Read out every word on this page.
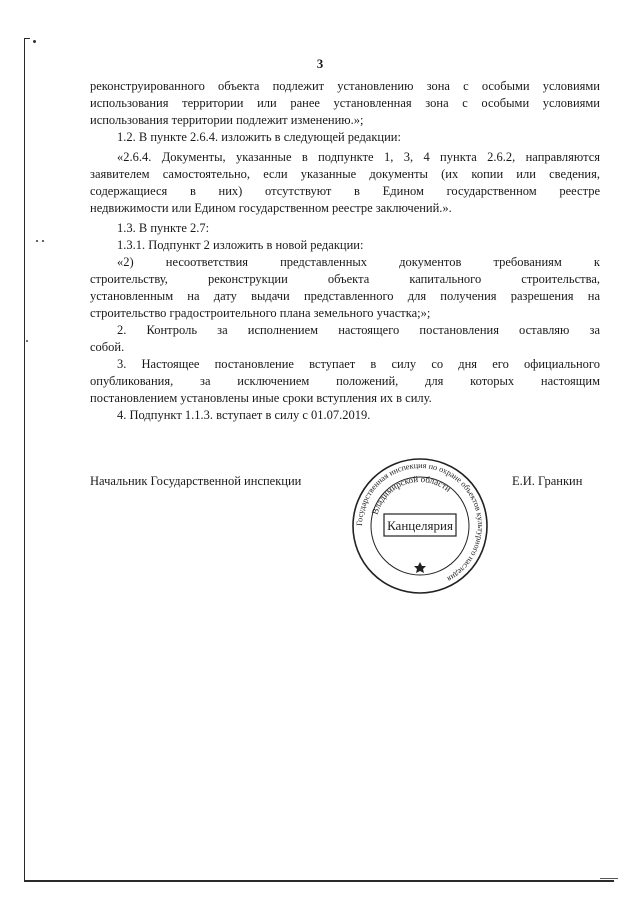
3
реконструированного объекта подлежит установлению зона с особыми условиями
использования территории или ранее установленная зона с особыми условиями
использования территории подлежит изменению.»;
1.2. В пункте 2.6.4. изложить в следующей редакции:
«2.6.4. Документы, указанные в подпункте 1, 3, 4 пункта 2.6.2, направляются
заявителем самостоятельно, если указанные документы (их копии или сведения,
содержащиеся в них) отсутствуют в Едином государственном реестре
недвижимости или Едином государственном реестре заключений.».
1.3. В пункте 2.7:
1.3.1. Подпункт 2 изложить в новой редакции:
«2) несоответствия представленных документов требованиям к
строительству, реконструкции объекта капитального строительства,
установленным на дату выдачи представленного для получения разрешения на
строительство градостроительного плана земельного участка;»;
2. Контроль за исполнением настоящего постановления оставляю за
собой.
3. Настоящее постановление вступает в силу со дня его официального
опубликования, за исключением положений, для которых настоящим
постановлением установлены иные сроки вступления их в силу.
4. Подпункт 1.1.3. вступает в силу с 01.07.2019.
Начальник Государственной инспекции	Е.И. Гранкин
Государственная инспекция по охране объектов культурного наследия
Владимирской области
Канцелярия
